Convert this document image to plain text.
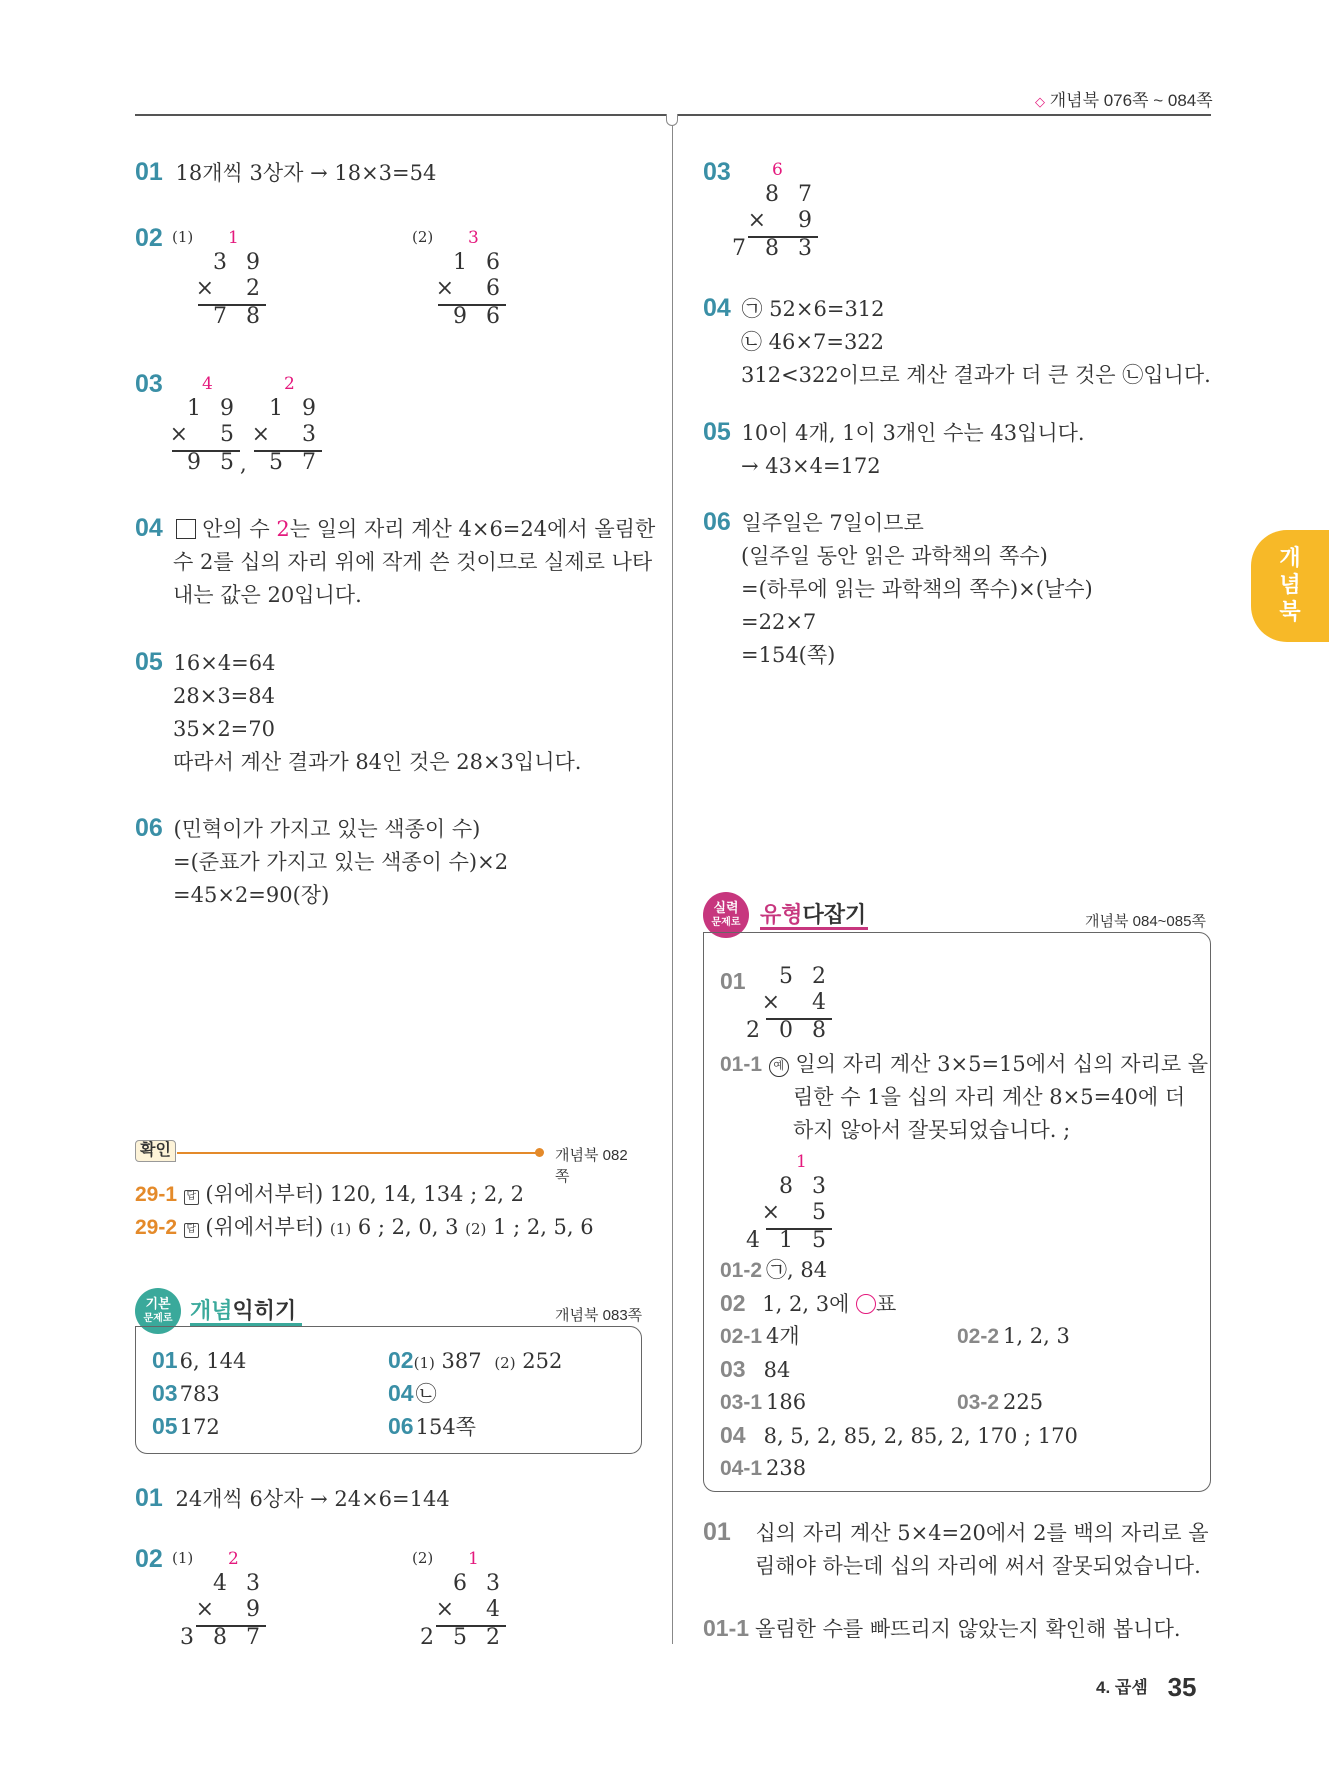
◇ 개념북 076쪽 ~ 084쪽
개
념
북
01 18개씩 3상자 → 18×3=54
02 (1) 1
3 9
×  2
7 8
(2) 3
1 6
×  6
9 6
03 4
1 9
×  5
9 5 ,
2
1 9
×  3
5 7
04 안의 수 2는 일의 자리 계산 4×6=24에서 올림한
수 2를 십의 자리 위에 작게 쓴 것이므로 실제로 나타
내는 값은 20입니다.
05 16×4=64
28×3=84
35×2=70
따라서 계산 결과가 84인 것은 28×3입니다.
06 (민혁이가 가지고 있는 색종이 수)
=(준표가 가지고 있는 색종이 수)×2
=45×2=90(장)
확인	개념북 082쪽
29-1 답 (위에서부터) 120, 14, 134 ; 2, 2
29-2 답 (위에서부터) (1) 6 ; 2, 0, 3 (2) 1 ; 2, 5, 6
기본
문제로 개념익히기	개념북 083쪽
016, 144	02(1) 387 (2) 252
03783	04㉡
05172	06154쪽
01 24개씩 6상자 → 24×6=144
02 (1) 2
4 3
×  9
3 8 7
(2) 1
6 3
×  4
2 5 2
03 6
8 7
×  9
7 8 3
04 ㉠ 52×6=312
㉡ 46×7=322
312<322이므로 계산 결과가 더 큰 것은 ㉡입니다.
05 10이 4개, 1이 3개인 수는 43입니다.
→ 43×4=172
06 일주일은 7일이므로
(일주일 동안 읽은 과학책의 쪽수)
=(하루에 읽는 과학책의 쪽수)×(날수)
=22×7
=154(쪽)
실력
문제로 유형다잡기	개념북 084~085쪽
01 5 2
×  4
2 0 8
01-1 예 일의 자리 계산 3×5=15에서 십의 자리로 올
림한 수 1을 십의 자리 계산 8×5=40에 더
하지 않아서 잘못되었습니다. ;
1
8 3
×  5
4 1 5
01-2 ㉠, 84
02 1, 2, 3에 표
02-1 4개	02-2 1, 2, 3
03 84
03-1 186	03-2 225
04 8, 5, 2, 85, 2, 85, 2, 170 ; 170
04-1 238
01 십의 자리 계산 5×4=20에서 2를 백의 자리로 올
림해야 하는데 십의 자리에 써서 잘못되었습니다.
01-1 올림한 수를 빠뜨리지 않았는지 확인해 봅니다.
4. 곱셈 35
